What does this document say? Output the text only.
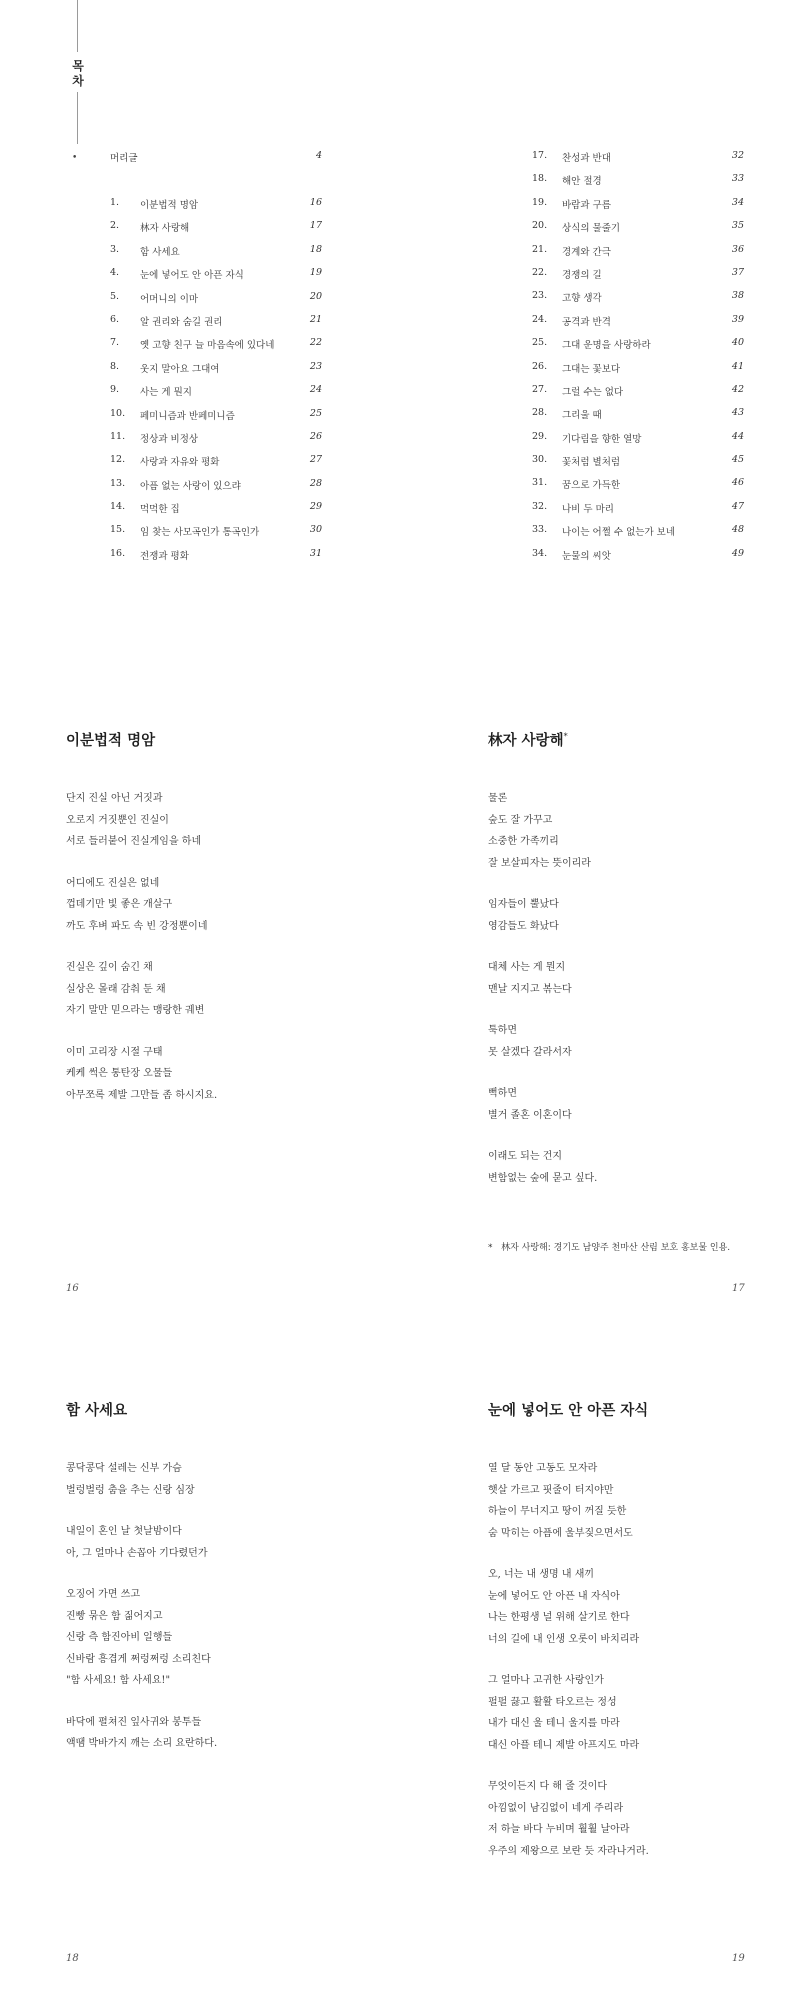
목차
•	머리글	4
1. 이분법적 명암	16
2. 林자 사랑해	17
3. 함 사세요	18
4. 눈에 넣어도 안 아픈 자식	19
5. 어머니의 이마	20
6. 알 권리와 숨길 권리	21
7. 옛 고향 친구 늘 마음속에 있다네	22
8. 웃지 말아요 그대여	23
9. 사는 게 뭔지	24
10. 페미니즘과 반페미니즘	25
11. 정상과 비정상	26
12. 사랑과 자유와 평화	27
13. 아픔 없는 사랑이 있으랴	28
14. 먹먹한 집	29
15. 임 찾는 사모곡인가 통곡인가	30
16. 전쟁과 평화	31
17. 찬성과 반대	32
18. 해안 절경	33
19. 바람과 구름	34
20. 상식의 물줄기	35
21. 경계와 간극	36
22. 경쟁의 길	37
23. 고향 생각	38
24. 공격과 반격	39
25. 그대 운명을 사랑하라	40
26. 그대는 꽃보다	41
27. 그럴 수는 없다	42
28. 그리울 때	43
29. 기다림을 향한 열망	44
30. 꽃처럼 별처럼	45
31. 꿈으로 가득한	46
32. 나비 두 마리	47
33. 나이는 어쩔 수 없는가 보네	48
34. 눈물의 씨앗	49
이분법적 명암
단지 진실 아닌 거짓과
오로지 거짓뿐인 진실이
서로 들러붙어 진실게임을 하네
어디에도 진실은 없네
껍데기만 빛 좋은 개살구
까도 후벼 파도 속 빈 강정뿐이네
진실은 깊이 숨긴 채
실상은 몰래 감춰 둔 채
자기 말만 믿으라는 맹랑한 궤변
이미 고리장 시절 구태
케케 썩은 통탄장 오물들
아무쪼록 제발 그만들 좀 하시지요.
16
林자 사랑해*
물론
숲도 잘 가꾸고
소중한 가족끼리
잘 보살피자는 뜻이리라
임자들이 뿔났다
영감들도 화났다
대체 사는 게 뭔지
맨날 지지고 볶는다
툭하면
못 살겠다 갈라서자
뻑하면
별거 졸혼 이혼이다
이래도 되는 건지
변함없는 숲에 묻고 싶다.
* 林자 사랑해: 경기도 남양주 천마산 산림 보호 홍보물 인용.
17
함 사세요
콩닥콩닥 설레는 신부 가슴
벌렁벌렁 춤을 추는 신랑 심장
내일이 혼인 날 첫날밤이다
아, 그 얼마나 손꼽아 기다렸던가
오징어 가면 쓰고
진빵 묶은 함 짊어지고
신랑 측 함진아비 일행들
신바람 흥겹게 쩌렁쩌렁 소리친다
"함 사세요! 함 사세요!"
바닥에 펼쳐진 잎사귀와 봉투들
액땜 박바가지 깨는 소리 요란하다.
18
눈에 넣어도 안 아픈 자식
열 달 동안 고동도 모자라
햇살 가르고 핏줄이 터지야만
하늘이 무너지고 땅이 꺼질 듯한
숨 막히는 아픔에 울부짖으면서도
오, 너는 내 생명 내 새끼
눈에 넣어도 안 아픈 내 자식아
나는 한평생 널 위해 살기로 한다
너의 길에 내 인생 오롯이 바치리라
그 얼마나 고귀한 사랑인가
펄펄 끓고 활활 타오르는 정성
내가 대신 울 테니 울지를 마라
대신 아플 테니 제발 아프지도 마라
무엇이든지 다 해 줄 것이다
아낌없이 남김없이 네게 주리라
저 하늘 바다 누비며 훨훨 날아라
우주의 제왕으로 보란 듯 자라나거라.
19
